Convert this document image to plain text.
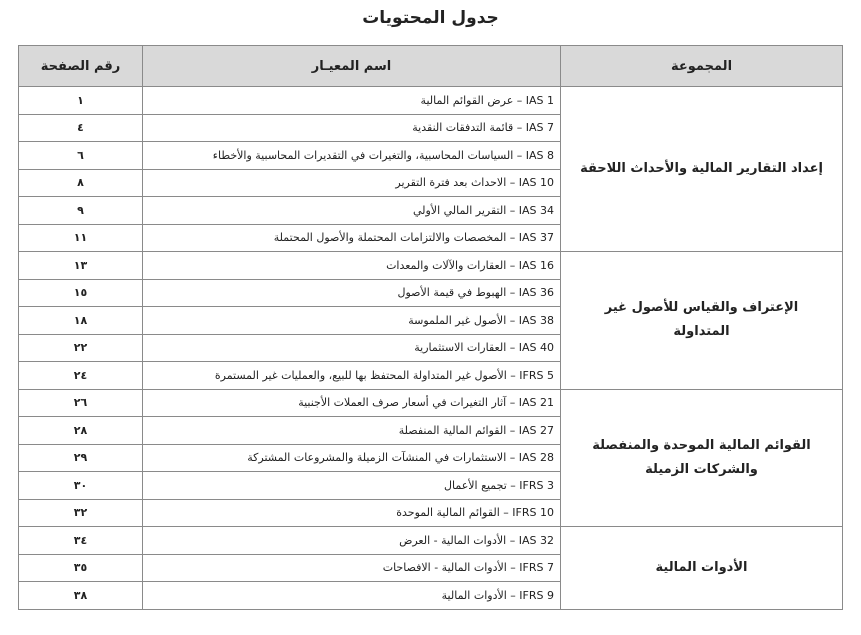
جدول المحتويات
المجموعة	اسم المعيـار	رقم الصفحة
إعداد التقارير المالية والأحداث اللاحقة	IAS 1 – عرض القوائم المالية	١
	IAS 7 – قائمة التدفقات النقدية	٤
	IAS 8 – السياسات المحاسبية، والتغيرات في التقديرات المحاسبية والأخطاء	٦
	IAS 10 – الاحداث بعد فترة التقرير	٨
	IAS 34 – التقرير المالي الأولي	٩
	IAS 37 – المخصصات والالتزامات المحتملة والأصول المحتملة	١١
الإعتراف والقياس للأصول غير المتداولة	IAS 16 – العقارات والآلات والمعدات	١٣
	IAS 36 – الهبوط في قيمة الأصول	١٥
	IAS 38 – الأصول غير الملموسة	١٨
	IAS 40 – العقارات الاستثمارية	٢٢
	IFRS 5 – الأصول غير المتداولة المحتفظ بها للبيع، والعمليات غير المستمرة	٢٤
القوائم المالية الموحدة والمنفصلة والشركات الزميلة	IAS 21 – آثار التغيرات في أسعار صرف العملات الأجنبية	٢٦
	IAS 27 – القوائم المالية المنفصلة	٢٨
	IAS 28 – الاستثمارات في المنشآت الزميلة والمشروعات المشتركة	٢٩
	IFRS 3 – تجميع الأعمال	٣٠
	IFRS 10 – القوائم المالية الموحدة	٣٢
الأدوات المالية	IAS 32 – الأدوات المالية - العرض	٣٤
	IFRS 7 – الأدوات المالية - الافصاحات	٣٥
	IFRS 9 – الأدوات المالية	٣٨
